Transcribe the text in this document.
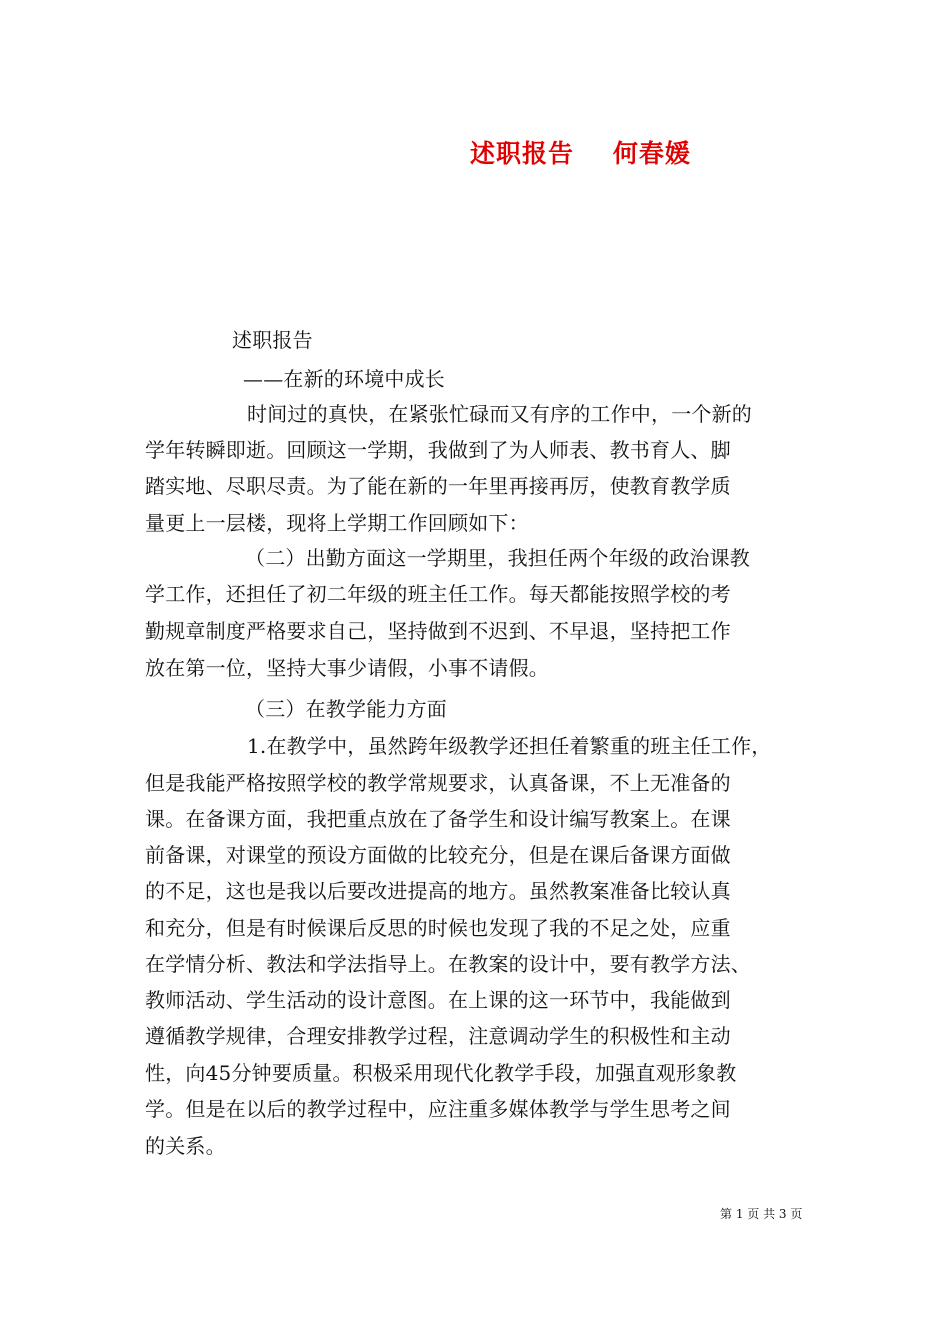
述职报告    何春媛
述职报告
——在新的环境中成长
时间过的真快，在紧张忙碌而又有序的工作中，一个新的
学年转瞬即逝。回顾这一学期，我做到了为人师表、教书育人、脚
踏实地、尽职尽责。为了能在新的一年里再接再厉，使教育教学质
量更上一层楼，现将上学期工作回顾如下：
（二）出勤方面这一学期里，我担任两个年级的政治课教
学工作，还担任了初二年级的班主任工作。每天都能按照学校的考
勤规章制度严格要求自己，坚持做到不迟到、不早退，坚持把工作
放在第一位，坚持大事少请假，小事不请假。
（三）在教学能力方面
1.在教学中，虽然跨年级教学还担任着繁重的班主任工作，
但是我能严格按照学校的教学常规要求，认真备课，不上无准备的
课。在备课方面，我把重点放在了备学生和设计编写教案上。在课
前备课，对课堂的预设方面做的比较充分，但是在课后备课方面做
的不足，这也是我以后要改进提高的地方。虽然教案准备比较认真
和充分，但是有时候课后反思的时候也发现了我的不足之处，应重
在学情分析、教法和学法指导上。在教案的设计中，要有教学方法、
教师活动、学生活动的设计意图。在上课的这一环节中，我能做到
遵循教学规律，合理安排教学过程，注意调动学生的积极性和主动
性，向45分钟要质量。积极采用现代化教学手段，加强直观形象教
学。但是在以后的教学过程中，应注重多媒体教学与学生思考之间
的关系。
第 1 页 共 3 页
